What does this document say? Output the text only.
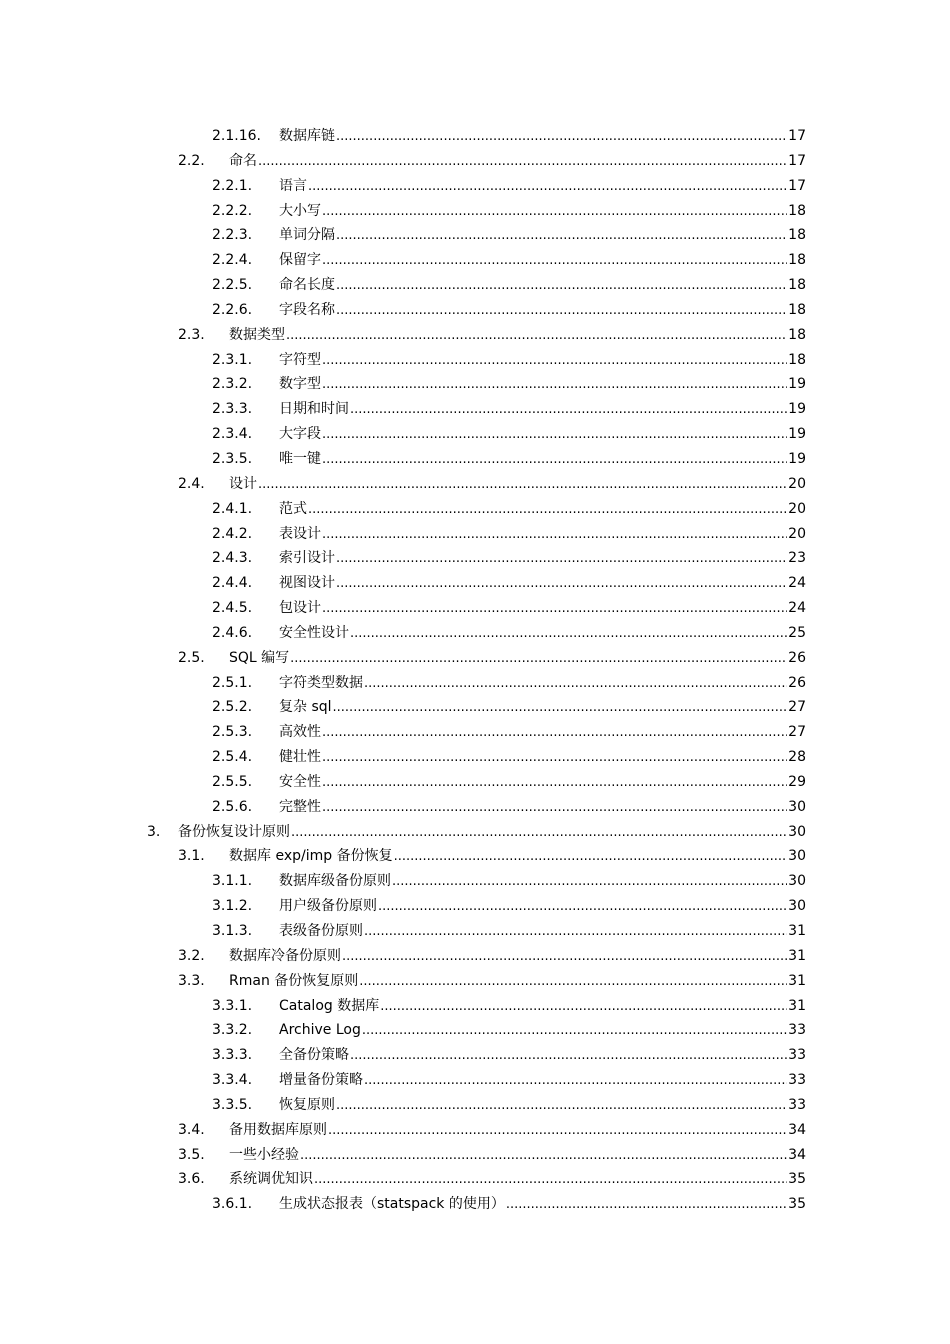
2.1.16. 数据库链 .....	17
2.2. 命名 .....	17
2.2.1. 语言 .....	17
2.2.2. 大小写 .....	18
2.2.3. 单词分隔 .....	18
2.2.4. 保留字 .....	18
2.2.5. 命名长度 .....	18
2.2.6. 字段名称 .....	18
2.3. 数据类型 .....	18
2.3.1. 字符型 .....	18
2.3.2. 数字型 .....	19
2.3.3. 日期和时间 .....	19
2.3.4. 大字段 .....	19
2.3.5. 唯一键 .....	19
2.4. 设计 .....	20
2.4.1. 范式 .....	20
2.4.2. 表设计 .....	20
2.4.3. 索引设计 .....	23
2.4.4. 视图设计 .....	24
2.4.5. 包设计 .....	24
2.4.6. 安全性设计 .....	25
2.5. SQL 编写 .....	26
2.5.1. 字符类型数据 .....	26
2.5.2. 复杂 sql .....	27
2.5.3. 高效性 .....	27
2.5.4. 健壮性 .....	28
2.5.5. 安全性 .....	29
2.5.6. 完整性 .....	30
3. 备份恢复设计原则 .....	30
3.1. 数据库 exp/imp 备份恢复 .....	30
3.1.1. 数据库级备份原则 .....	30
3.1.2. 用户级备份原则 .....	30
3.1.3. 表级备份原则 .....	31
3.2. 数据库冷备份原则 .....	31
3.3. Rman 备份恢复原则 .....	31
3.3.1. Catalog 数据库 .....	31
3.3.2. Archive Log .....	33
3.3.3. 全备份策略 .....	33
3.3.4. 增量备份策略 .....	33
3.3.5. 恢复原则 .....	33
3.4. 备用数据库原则 .....	34
3.5. 一些小经验 .....	34
3.6. 系统调优知识 .....	35
3.6.1. 生成状态报表（statspack 的使用） .....	35
